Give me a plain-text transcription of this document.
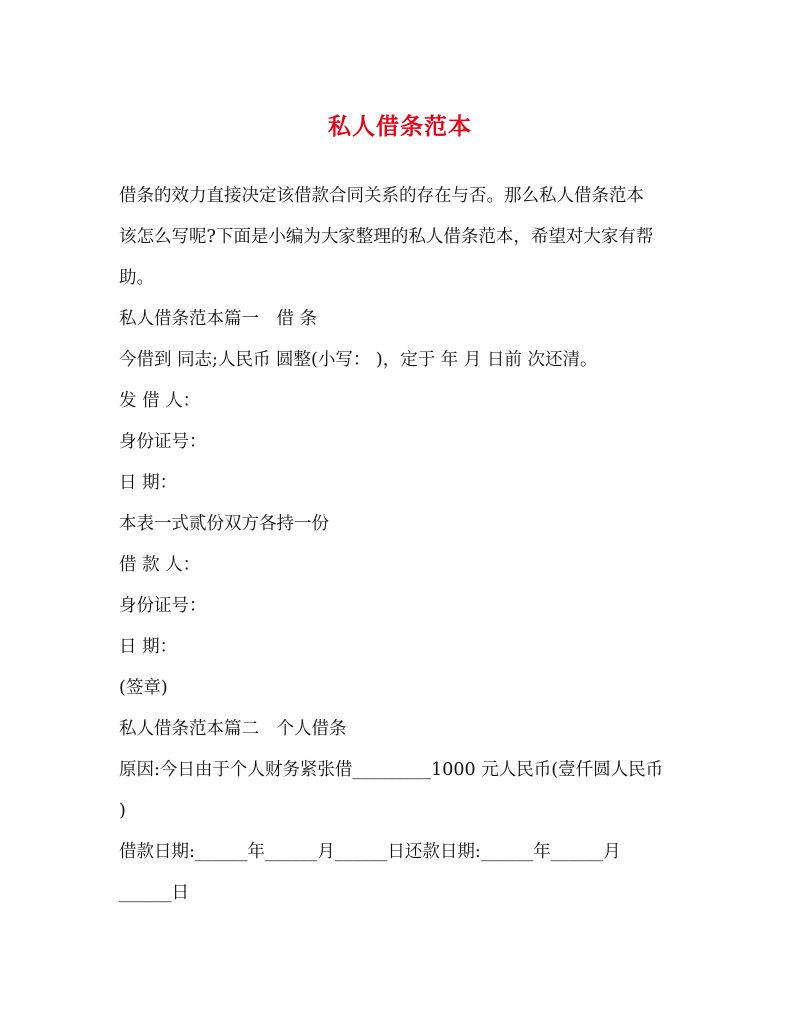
私人借条范本
借条的效力直接决定该借款合同关系的存在与否。那么私人借条范本
该怎么写呢?下面是小编为大家整理的私人借条范本，希望对大家有帮
助。
私人借条范本篇一　借 条
今借到 同志;人民币 圆整(小写： )，定于 年 月 日前 次还清。
发 借 人：
身份证号：
日 期：
本表一式贰份双方各持一份
借 款 人：
身份证号：
日 期：
(签章)
私人借条范本篇二　个人借条
原因:今日由于个人财务紧张借_________1000 元人民币(壹仟圆人民币
)
借款日期:______年______月______日还款日期:______年______月
______日
